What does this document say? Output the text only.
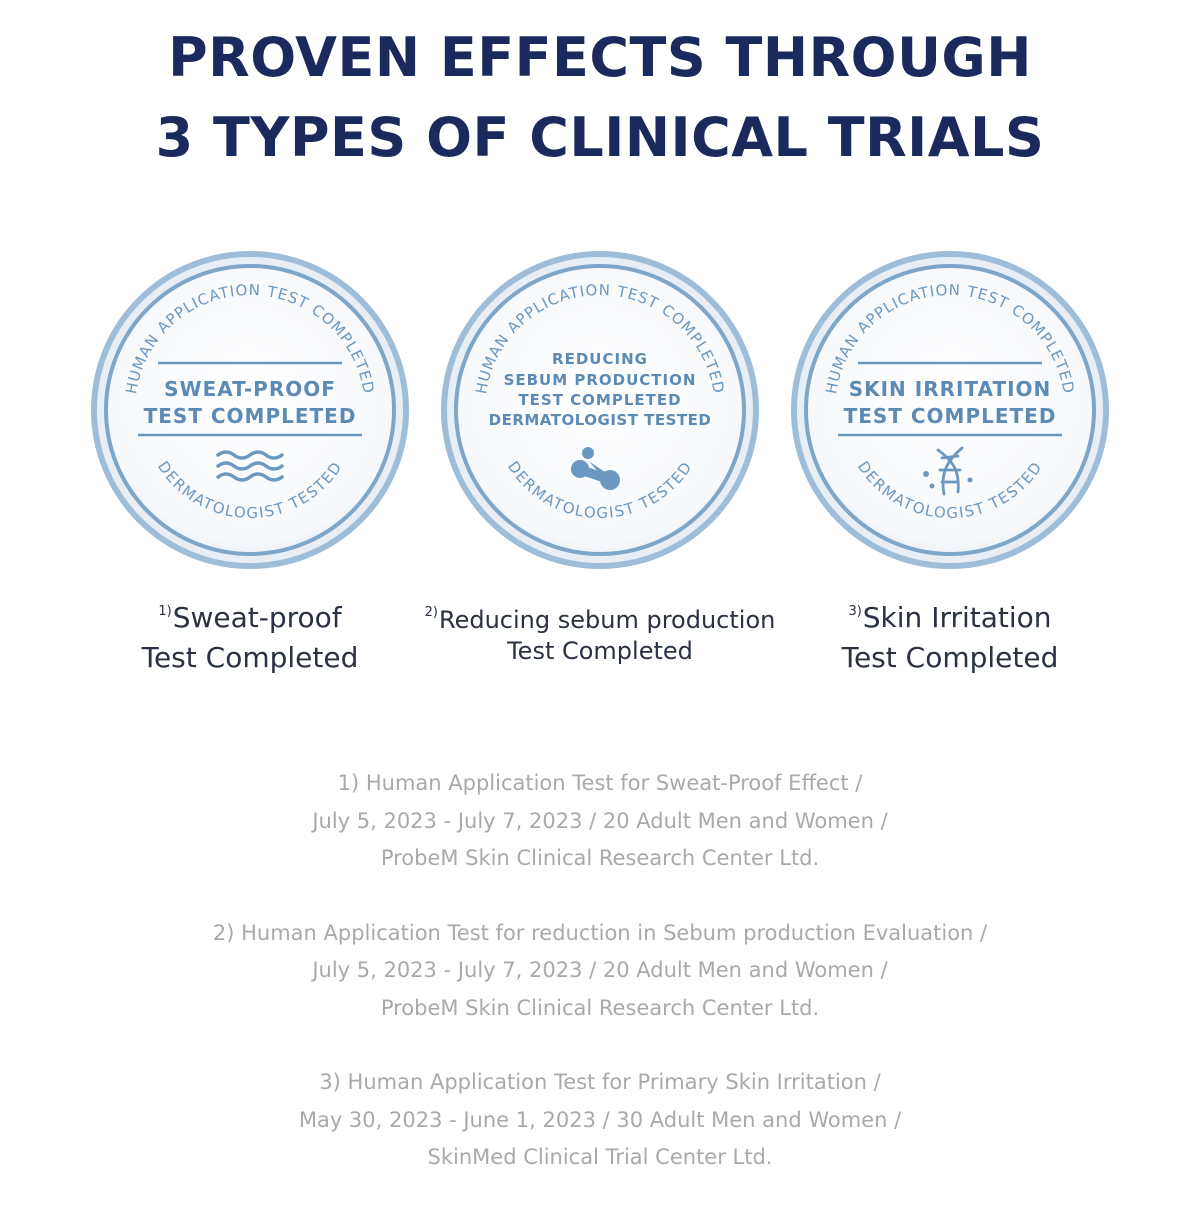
PROVEN EFFECTS THROUGH
3 TYPES OF CLINICAL TRIALS
HUMAN APPLICATION TEST COMPLETED
DERMATOLOGIST TESTED
SWEAT-PROOF
TEST COMPLETED
HUMAN APPLICATION TEST COMPLETED
DERMATOLOGIST TESTED
REDUCING
SEBUM PRODUCTION
TEST COMPLETED
DERMATOLOGIST TESTED
HUMAN APPLICATION TEST COMPLETED
DERMATOLOGIST TESTED
SKIN IRRITATION
TEST COMPLETED
$^{1)}$Sweat-proof
Test Completed
$^{2)}$Reducing sebum production
Test Completed
$^{3)}$Skin Irritation
Test Completed
1) Human Application Test for Sweat-Proof Effect /
July 5, 2023 - July 7, 2023 / 20 Adult Men and Women /
ProbeM Skin Clinical Research Center Ltd.
2) Human Application Test for reduction in Sebum production Evaluation /
July 5, 2023 - July 7, 2023 / 20 Adult Men and Women /
ProbeM Skin Clinical Research Center Ltd.
3) Human Application Test for Primary Skin Irritation /
May 30, 2023 - June 1, 2023 / 30 Adult Men and Women /
SkinMed Clinical Trial Center Ltd.
